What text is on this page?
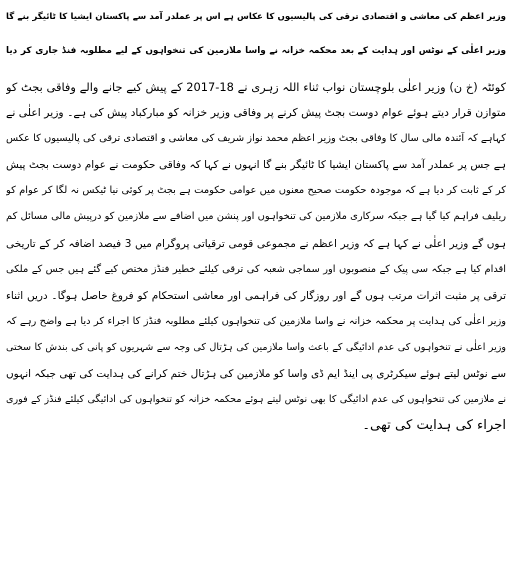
وزیر اعظم کی معاشی و اقتصادی ترقی کی پالیسیوں کا عکاس ہے اس پر عملدر آمد سے پاکستان ایشیا کا ٹائیگر بنے گا
وزیر اعلٰی کے نوٹس اور ہدایت کے بعد محکمہ خزانہ نے واسا ملازمین کی تنخواہوں کے لیے مطلوبہ فنڈ جاری کر دیا
کوئٹہ (خ ن) وزیر اعلٰی بلوچستان نواب ثناء اللہ زہری نے 18-2017 کے پیش کیے جانے والے وفاقی بجٹ کو
متوازن قرار دیتے ہوئے عوام دوست بجٹ پیش کرنے پر وفاقی وزیر خزانہ کو مبارکباد پیش کی ہے۔ وزیر اعلٰی نے
کہاہے کہ آئندہ مالی سال کا وفاقی بجٹ وزیر اعظم محمد نواز شریف کی معاشی و اقتصادی ترقی کی پالیسیوں کا عکس
ہے جس پر عملدر آمد سے پاکستان ایشیا کا ٹائیگر بنے گا انہوں نے کہا کہ وفاقی حکومت نے عوام دوست بجٹ پیش
کر کے ثابت کر دیا ہے کہ موجودہ حکومت صحیح معنوں میں عوامی حکومت ہے بجٹ پر کوئی نیا ٹیکس نہ لگا کر عوام کو
ریلیف فراہم کیا گیا ہے جبکہ سرکاری ملازمین کی تنخواہوں اور پنشن میں اضافے سے ملازمین کو درپیش مالی مسائل کم
ہوں گے وزیر اعلٰی نے کہا ہے کہ وزیر اعظم نے مجموعی قومی ترقیاتی پروگرام میں 3 فیصد اضافہ کر کے تاریخی
اقدام کیا ہے جبکہ سی پیک کے منصوبوں اور سماجی شعبہ کی ترقی کیلئے خطیر فنڈز مختص کیے گئے ہیں جس کے ملکی
ترقی پر مثبت اثرات مرتب ہوں گے اور روزگار کی فراہمی اور معاشی استحکام کو فروغ حاصل ہوگا۔ دریں اثناء
وزیر اعلٰی کی ہدایت پر محکمہ خزانہ نے واسا ملازمین کی تنخواہوں کیلئے مطلوبہ فنڈز کا اجراء کر دیا ہے واضح رہے کہ
وزیر اعلٰی نے تنخواہوں کی عدم ادائیگی کے باعث واسا ملازمین کی ہڑتال کی وجہ سے شہریوں کو پانی کی بندش کا سختی
سے نوٹس لیتے ہوئے سیکرٹری پی اینڈ ایم ڈی واسا کو ملازمین کی ہڑتال ختم کرانے کی ہدایت کی تھی جبکہ انہوں
نے ملازمین کی تنخواہوں کی عدم ادائیگی کا بھی نوٹس لیتے ہوئے محکمہ خزانہ کو تنخواہوں کی ادائیگی کیلئے فنڈز کے فوری
اجراء کی ہدایت کی تھی۔
